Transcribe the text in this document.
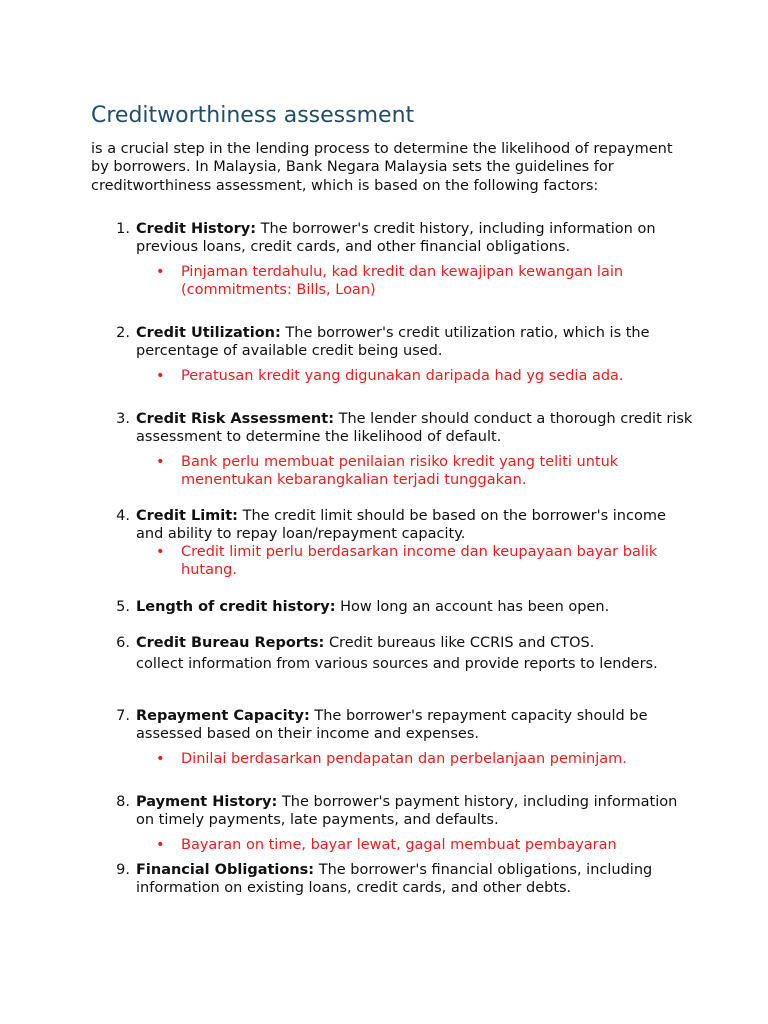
Creditworthiness assessment

is a crucial step in the lending process to determine the likelihood of repayment by borrowers. In Malaysia, Bank Negara Malaysia sets the guidelines for creditworthiness assessment, which is based on the following factors:

1. Credit History: The borrower's credit history, including information on previous loans, credit cards, and other financial obligations.
• Pinjaman terdahulu, kad kredit dan kewajipan kewangan lain (commitments: Bills, Loan)
2. Credit Utilization: The borrower's credit utilization ratio, which is the percentage of available credit being used.
• Peratusan kredit yang digunakan daripada had yg sedia ada.
3. Credit Risk Assessment: The lender should conduct a thorough credit risk assessment to determine the likelihood of default.
• Bank perlu membuat penilaian risiko kredit yang teliti untuk menentukan kebarangkalian terjadi tunggakan.
4. Credit Limit: The credit limit should be based on the borrower's income and ability to repay loan/repayment capacity.
• Credit limit perlu berdasarkan income dan keupayaan bayar balik hutang.
5. Length of credit history: How long an account has been open.
6. Credit Bureau Reports: Credit bureaus like CCRIS and CTOS.
collect information from various sources and provide reports to lenders.
7. Repayment Capacity: The borrower's repayment capacity should be assessed based on their income and expenses.
• Dinilai berdasarkan pendapatan dan perbelanjaan peminjam.
8. Payment History: The borrower's payment history, including information on timely payments, late payments, and defaults.
• Bayaran on time, bayar lewat, gagal membuat pembayaran
9. Financial Obligations: The borrower's financial obligations, including information on existing loans, credit cards, and other debts.
